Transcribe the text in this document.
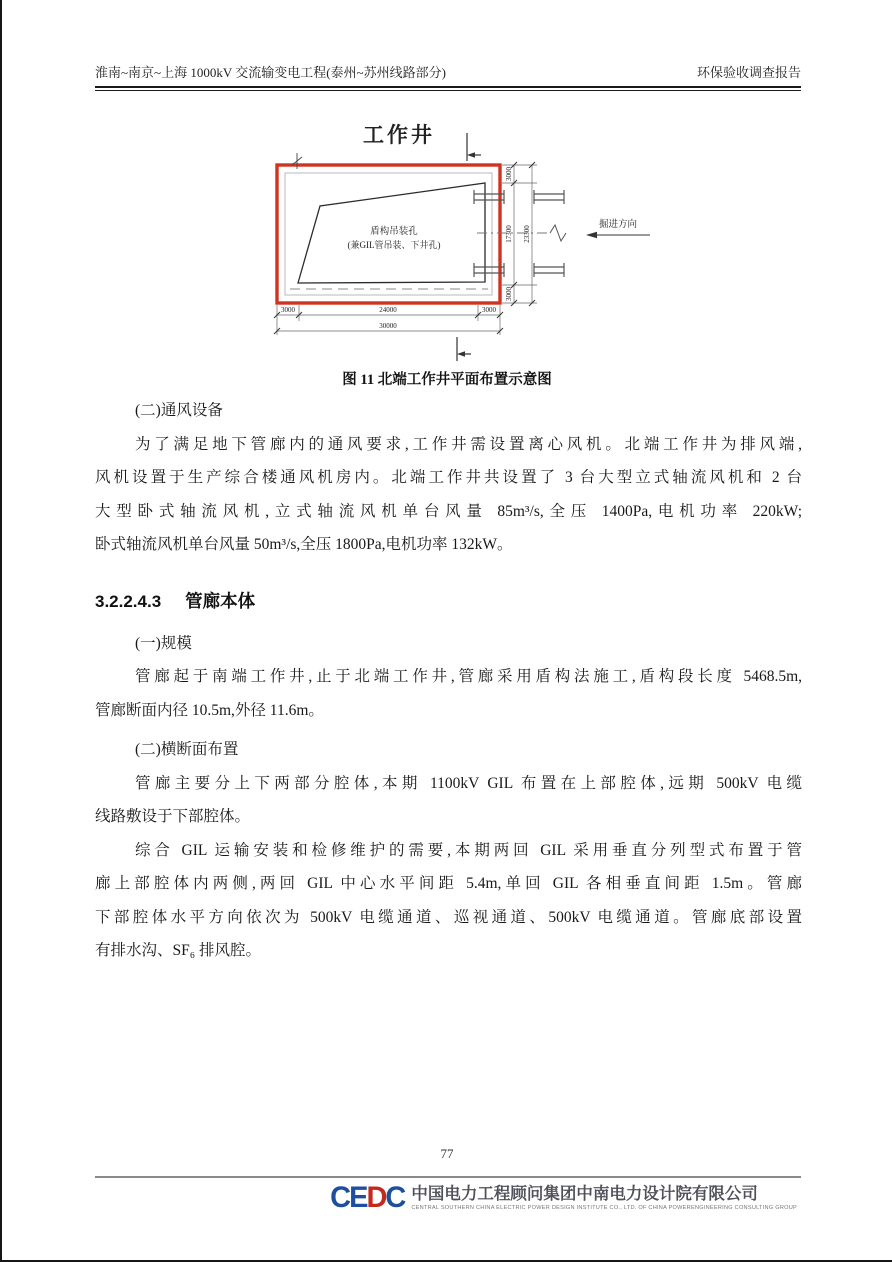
淮南~南京~上海 1000kV 交流输变电工程(泰州~苏州线路部分)	环保验收调查报告
工作井
盾构吊装孔
(兼GIL管吊装、下井孔)
掘进方向
3000
17300
3000
23300
3000	24000	3000
30000
图 11 北端工作井平面布置示意图
(二)通风设备
为了满足地下管廊内的通风要求,工作井需设置离心风机。北端工作井为排风端,
风机设置于生产综合楼通风机房内。北端工作井共设置了 3 台大型立式轴流风机和 2 台
大型卧式轴流风机,立式轴流风机单台风量 85m³/s,全压 1400Pa,电机功率 220kW;
卧式轴流风机单台风量 50m³/s,全压 1800Pa,电机功率 132kW。
3.2.2.4.3 管廊本体
(一)规模
管廊起于南端工作井,止于北端工作井,管廊采用盾构法施工,盾构段长度 5468.5m,
管廊断面内径 10.5m,外径 11.6m。
(二)横断面布置
管廊主要分上下两部分腔体,本期 1100kV GIL 布置在上部腔体,远期 500kV 电缆
线路敷设于下部腔体。
综合 GIL 运输安装和检修维护的需要,本期两回 GIL 采用垂直分列型式布置于管
廊上部腔体内两侧,两回 GIL 中心水平间距 5.4m,单回 GIL 各相垂直间距 1.5m。管廊
下部腔体水平方向依次为 500kV 电缆通道、巡视通道、500kV 电缆通道。管廊底部设置
有排水沟、SF₆ 排风腔。
77
CEDC 中国电力工程顾问集团中南电力设计院有限公司
CENTRAL SOUTHERN CHINA ELECTRIC POWER DESIGN INSTITUTE CO., LTD. OF CHINA POWERENGINEERING CONSULTING GROUP
